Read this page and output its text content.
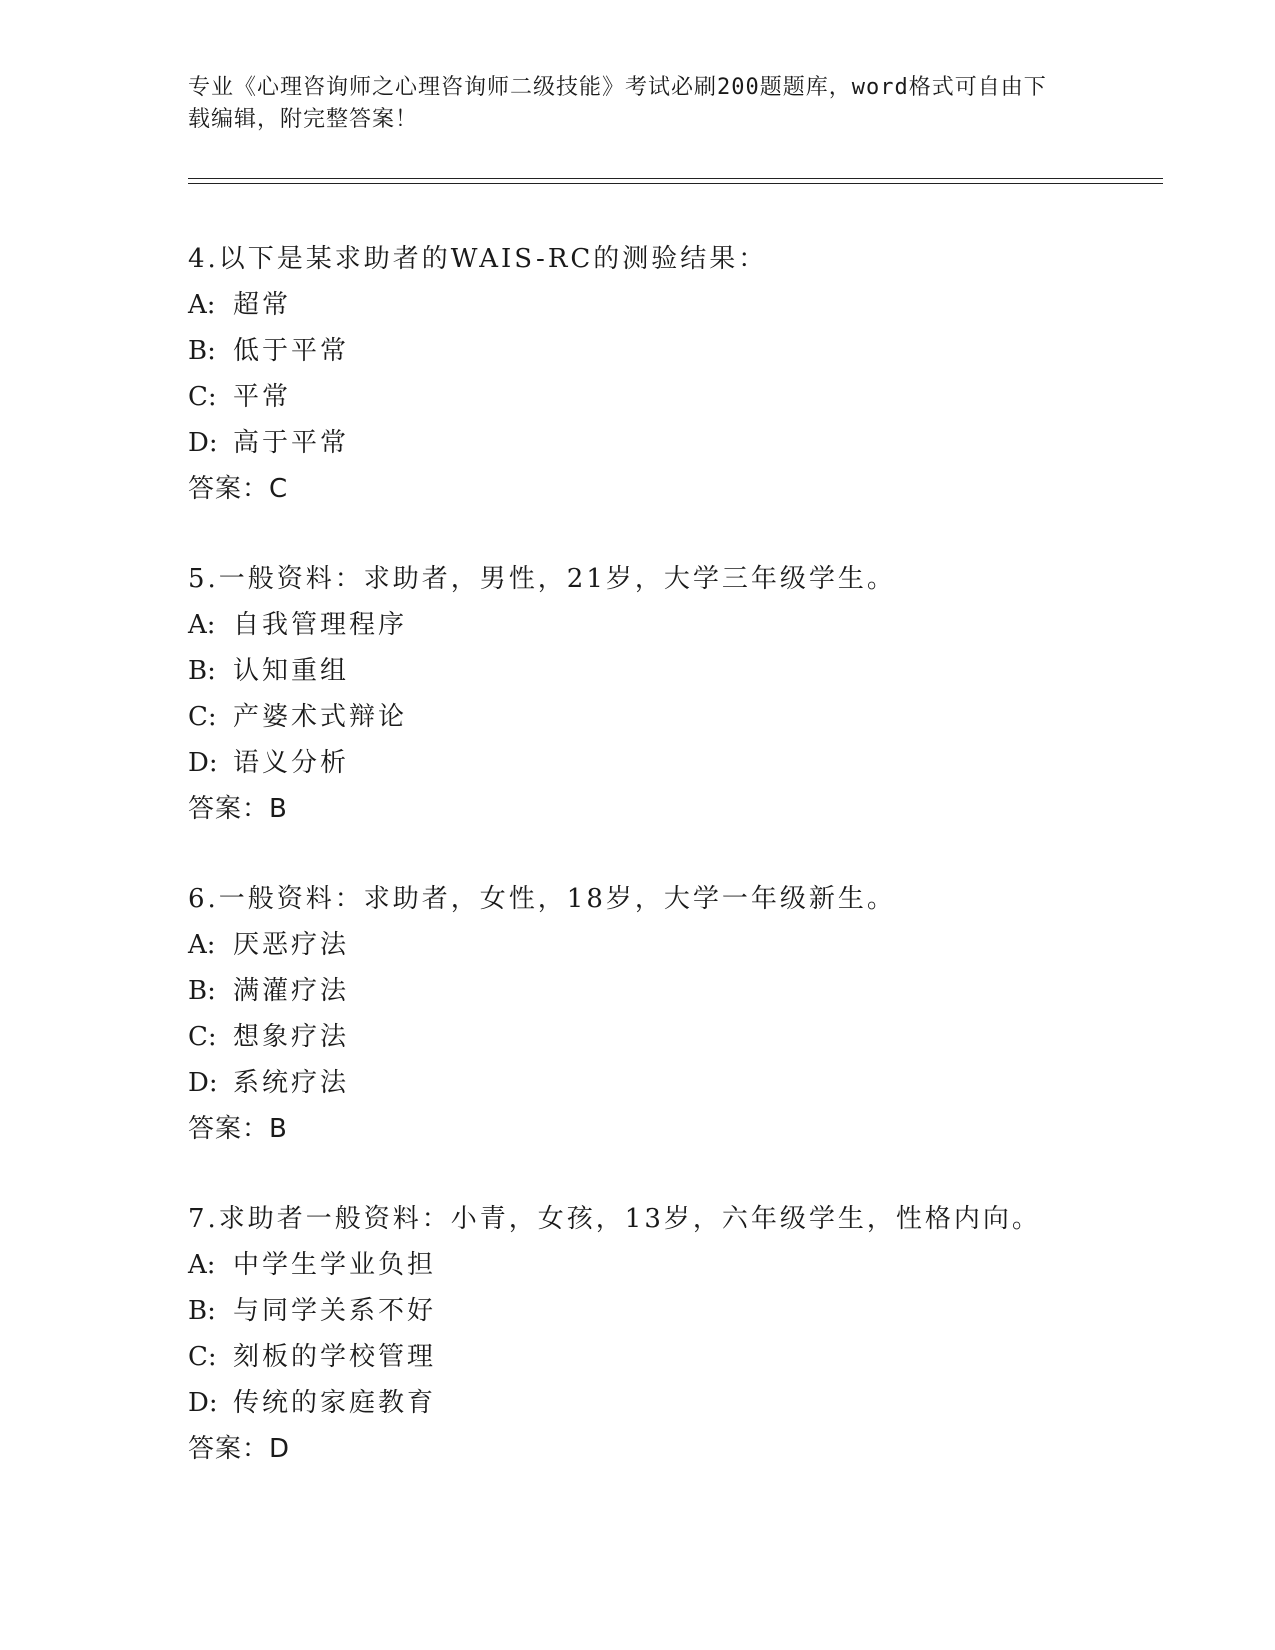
专业《心理咨询师之心理咨询师二级技能》考试必刷200题题库，word格式可自由下载编辑，附完整答案！
4.以下是某求助者的WAIS-RC的测验结果：
A: 超常
B: 低于平常
C: 平常
D: 高于平常
答案：C
5.一般资料：求助者，男性，21岁，大学三年级学生。
A: 自我管理程序
B: 认知重组
C: 产婆术式辩论
D: 语义分析
答案：B
6.一般资料：求助者，女性，18岁，大学一年级新生。
A: 厌恶疗法
B: 满灌疗法
C: 想象疗法
D: 系统疗法
答案：B
7.求助者一般资料：小青，女孩，13岁，六年级学生，性格内向。
A: 中学生学业负担
B: 与同学关系不好
C: 刻板的学校管理
D: 传统的家庭教育
答案：D
